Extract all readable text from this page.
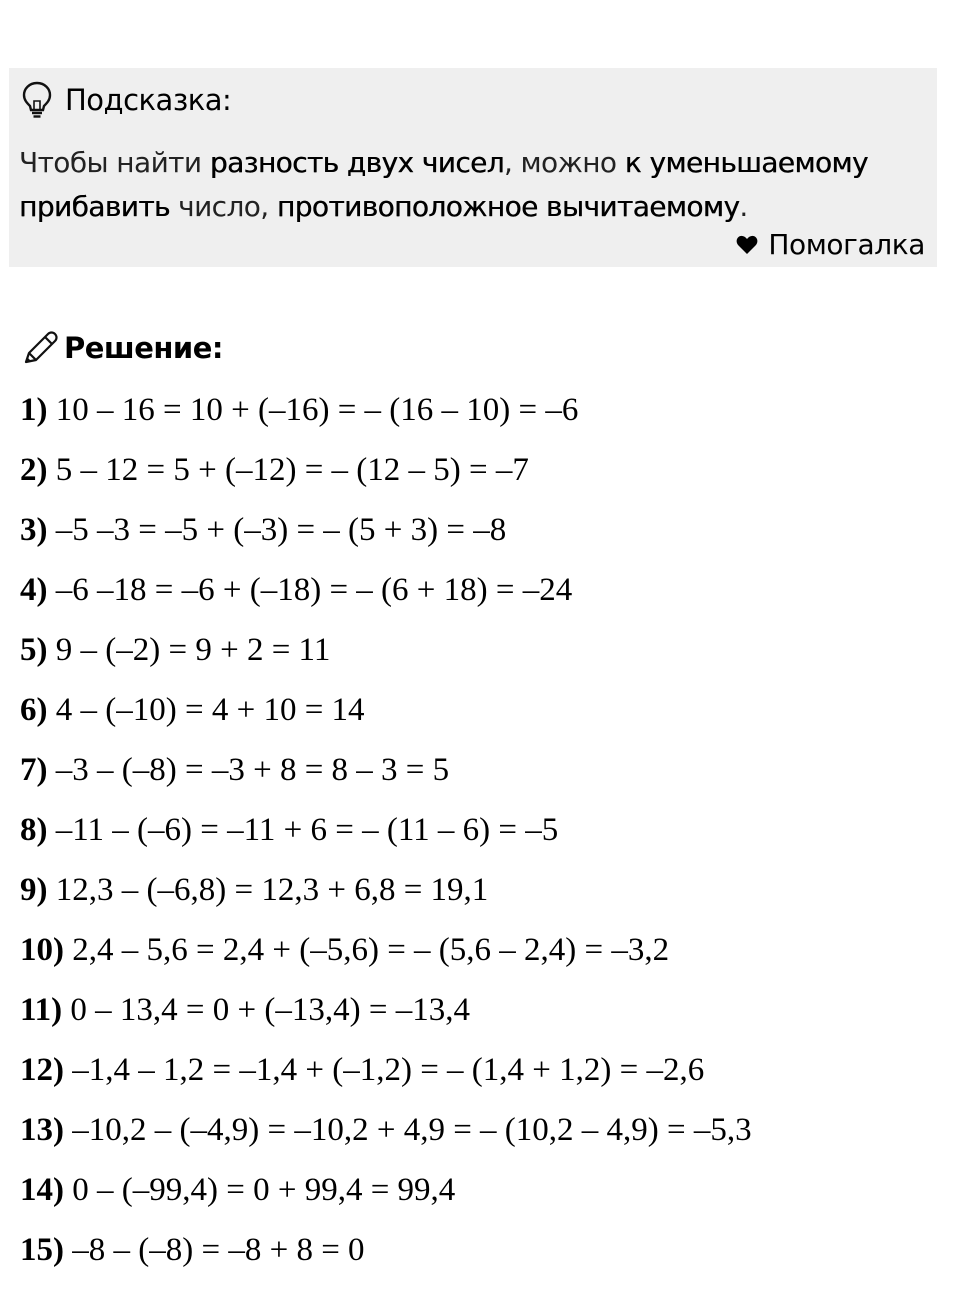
Подсказка:
Чтобы найти разность двух чисел, можно к уменьшаемому прибавить число, противоположное вычитаемому.
Помогалка
Решение:
1) 10 – 16 = 10 + (–16) = – (16 – 10) = –6
2) 5 – 12 = 5 + (–12) = – (12 – 5) = –7
3) –5 –3 = –5 + (–3) = – (5 + 3) = –8
4) –6 –18 = –6 + (–18) = – (6 + 18) = –24
5) 9 – (–2) = 9 + 2 = 11
6) 4 – (–10) = 4 + 10 = 14
7) –3 – (–8) = –3 + 8 = 8 – 3 = 5
8) –11 – (–6) = –11 + 6 = – (11 – 6) = –5
9) 12,3 – (–6,8) = 12,3 + 6,8 = 19,1
10) 2,4 – 5,6 = 2,4 + (–5,6) = – (5,6 – 2,4) = –3,2
11) 0 – 13,4 = 0 + (–13,4) = –13,4
12) –1,4 – 1,2 = –1,4 + (–1,2) = – (1,4 + 1,2) = –2,6
13) –10,2 – (–4,9) = –10,2 + 4,9 = – (10,2 – 4,9) = –5,3
14) 0 – (–99,4) = 0 + 99,4 = 99,4
15) –8 – (–8) = –8 + 8 = 0
